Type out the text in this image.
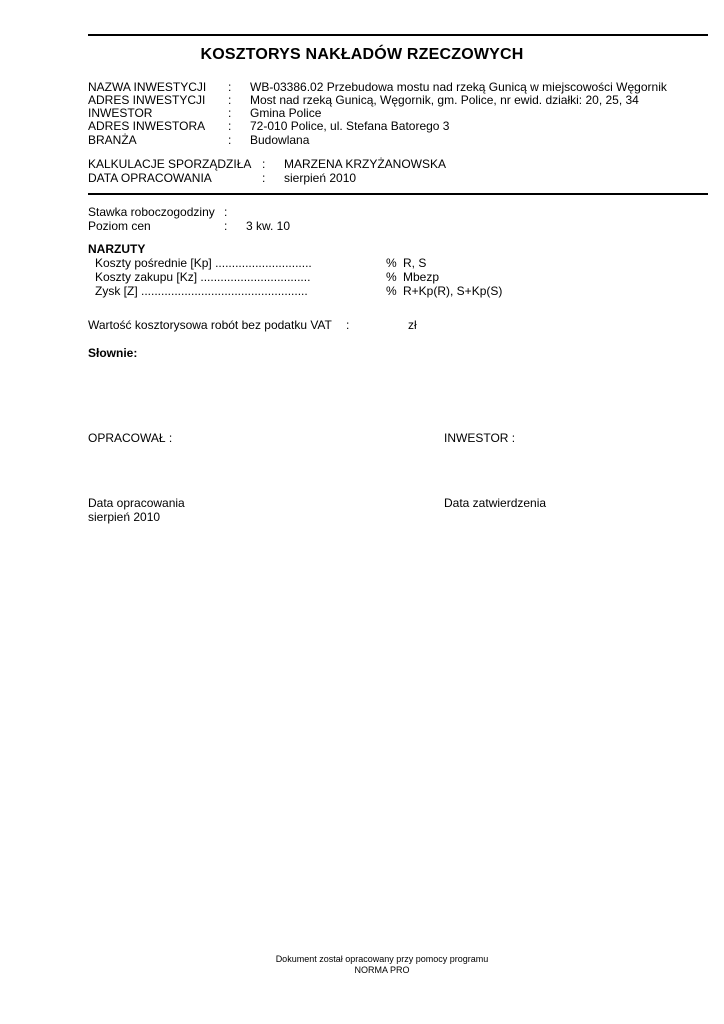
KOSZTORYS NAKŁADÓW RZECZOWYCH
NAZWA INWESTYCJI : WB-03386.02 Przebudowa mostu nad rzeką Gunicą w miejscowości Węgornik
ADRES INWESTYCJI : Most nad rzeką Gunicą, Węgornik, gm. Police, nr ewid. działki: 20, 25, 34
INWESTOR	: Gmina Police
ADRES INWESTORA : 72-010 Police, ul. Stefana Batorego 3
BRANŻA	: Budowlana
KALKULACJE SPORZĄDZIŁA : MARZENA KRZYŻANOWSKA
DATA OPRACOWANIA	: sierpień 2010
Stawka roboczogodziny :
Poziom cen	: 3 kw. 10
NARZUTY
Koszty pośrednie [Kp] .............................	% R, S
Koszty zakupu [Kz] .................................	% Mbezp
Zysk [Z] ..................................................	% R+Kp(R), S+Kp(S)
Wartość kosztorysowa robót bez podatku VAT :	zł
Słownie:
OPRACOWAŁ :	INWESTOR :
Data opracowania
sierpień 2010
Data zatwierdzenia
Dokument został opracowany przy pomocy programu
NORMA PRO
